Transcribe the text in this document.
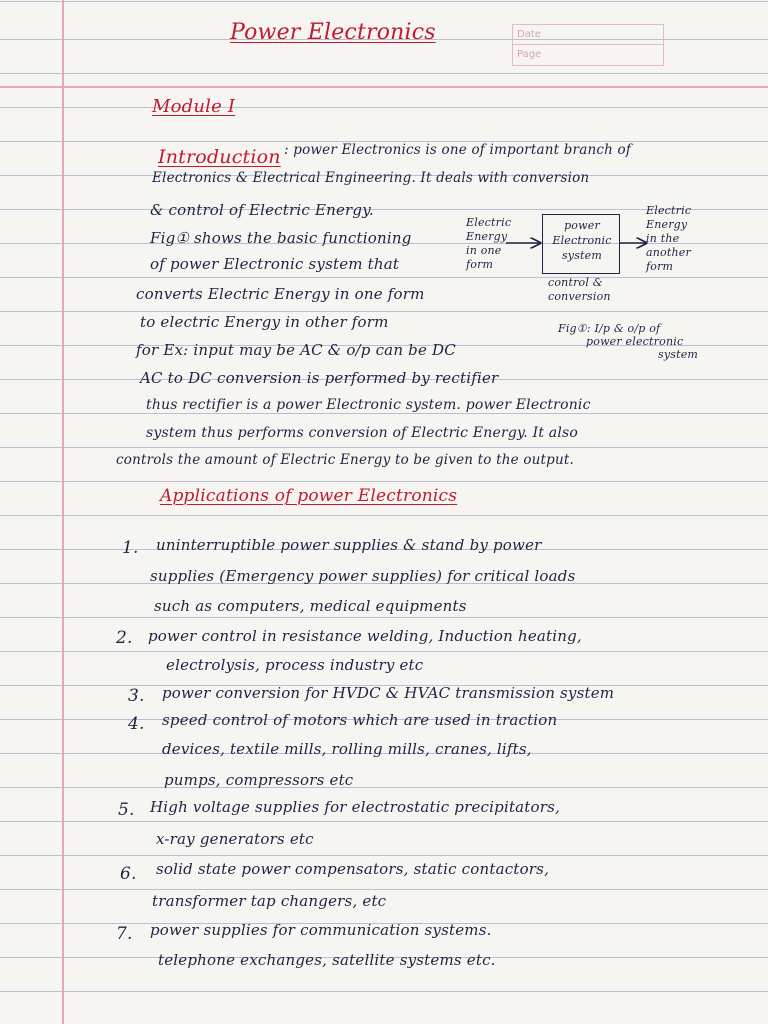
Date
Page
Power Electronics
Module I
Introduction : power Electronics is one of important branch of
Electronics & Electrical Engineering. It deals with conversion
& control of Electric Energy.
Fig① shows the basic functioning
of power Electronic system that
converts Electric Energy in one form
to electric Energy in other form
for Ex: input may be AC & o/p can be DC
AC to DC conversion is performed by rectifier
thus rectifier is a power Electronic system. power Electronic
system thus performs conversion of Electric Energy. It also
controls the amount of Electric Energy to be given to the output.
Electric
Energy
in one
form
power
Electronic
system
control &
conversion
Electric
Energy
in the
another
form
Fig①: I/p & o/p of
power electronic
system
Applications of power Electronics
1. uninterruptible power supplies & stand by power
supplies (Emergency power supplies) for critical loads
such as computers, medical equipments
2. power control in resistance welding, Induction heating,
electrolysis, process industry etc
3. power conversion for HVDC & HVAC transmission system
4. speed control of motors which are used in traction
devices, textile mills, rolling mills, cranes, lifts,
pumps, compressors etc
5. High voltage supplies for electrostatic precipitators,
x-ray generators etc
6. solid state power compensators, static contactors,
transformer tap changers, etc
7. power supplies for communication systems.
telephone exchanges, satellite systems etc.
